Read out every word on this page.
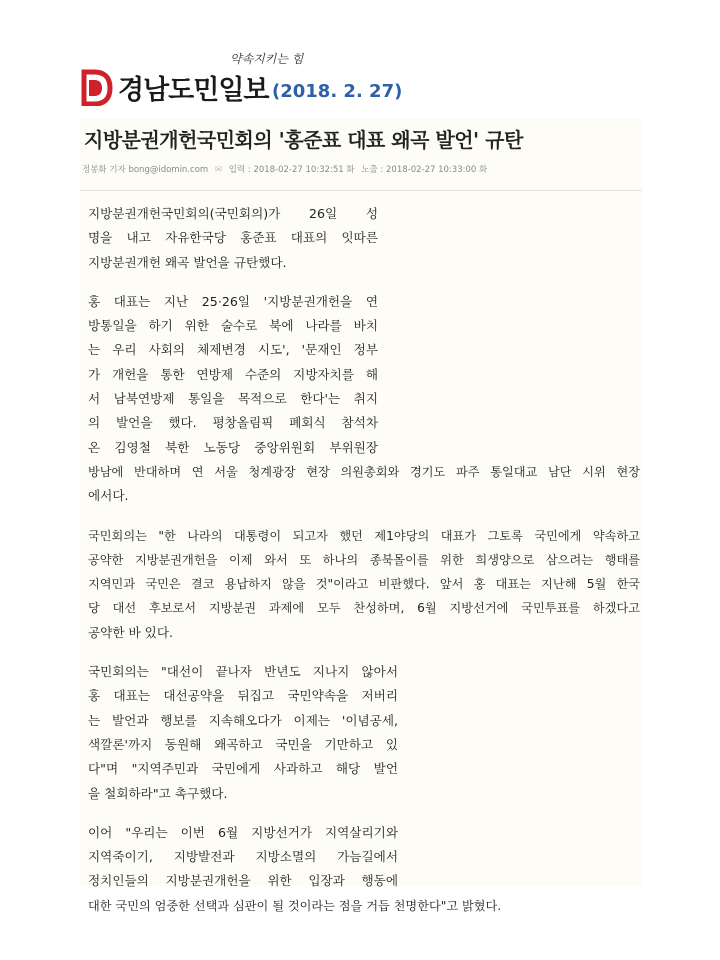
약속지키는 힘
경남도민일보 (2018. 2. 27)
지방분권개헌국민회의 '홍준표 대표 왜곡 발언' 규탄
정봉화 기자 bong@idomin.com ✉ 입력 : 2018-02-27 10:32:51 화 노출 : 2018-02-27 10:33:00 화

지방분권개헌국민회의(국민회의)가 26일 성
명을 내고 자유한국당 홍준표 대표의 잇따른
지방분권개헌 왜곡 발언을 규탄했다.

홍 대표는 지난 25·26일 '지방분권개헌을 연
방통일을 하기 위한 술수로 북에 나라를 바치
는 우리 사회의 체제변경 시도', '문재인 정부
가 개헌을 통한 연방제 수준의 지방자치를 해
서 남북연방제 통일을 목적으로 한다'는 취지
의 발언을 했다. 평창올림픽 폐회식 참석차
온 김영철 북한 노동당 중앙위원회 부위원장
방남에 반대하며 연 서울 청계광장 현장 의원총회와 경기도 파주 통일대교 남단 시위 현장
에서다.

국민회의는 "한 나라의 대통령이 되고자 했던 제1야당의 대표가 그토록 국민에게 약속하고
공약한 지방분권개헌을 이제 와서 또 하나의 종북몰이를 위한 희생양으로 삼으려는 행태를
지역민과 국민은 결코 용납하지 않을 것"이라고 비판했다. 앞서 홍 대표는 지난해 5월 한국
당 대선 후보로서 지방분권 과제에 모두 찬성하며, 6월 지방선거에 국민투표를 하겠다고
공약한 바 있다.

국민회의는 "대선이 끝나자 반년도 지나지 않아서
홍 대표는 대선공약을 뒤집고 국민약속을 저버리
는 발언과 행보를 지속해오다가 이제는 '이념공세,
색깔론'까지 동원해 왜곡하고 국민을 기만하고 있
다"며 "지역주민과 국민에게 사과하고 해당 발언
을 철회하라"고 촉구했다.

이어 "우리는 이번 6월 지방선거가 지역살리기와
지역죽이기, 지방발전과 지방소멸의 가늠길에서
정치인들의 지방분권개헌을 위한 입장과 행동에
대한 국민의 엄중한 선택과 심판이 될 것이라는 점을 거듭 천명한다"고 밝혔다.
